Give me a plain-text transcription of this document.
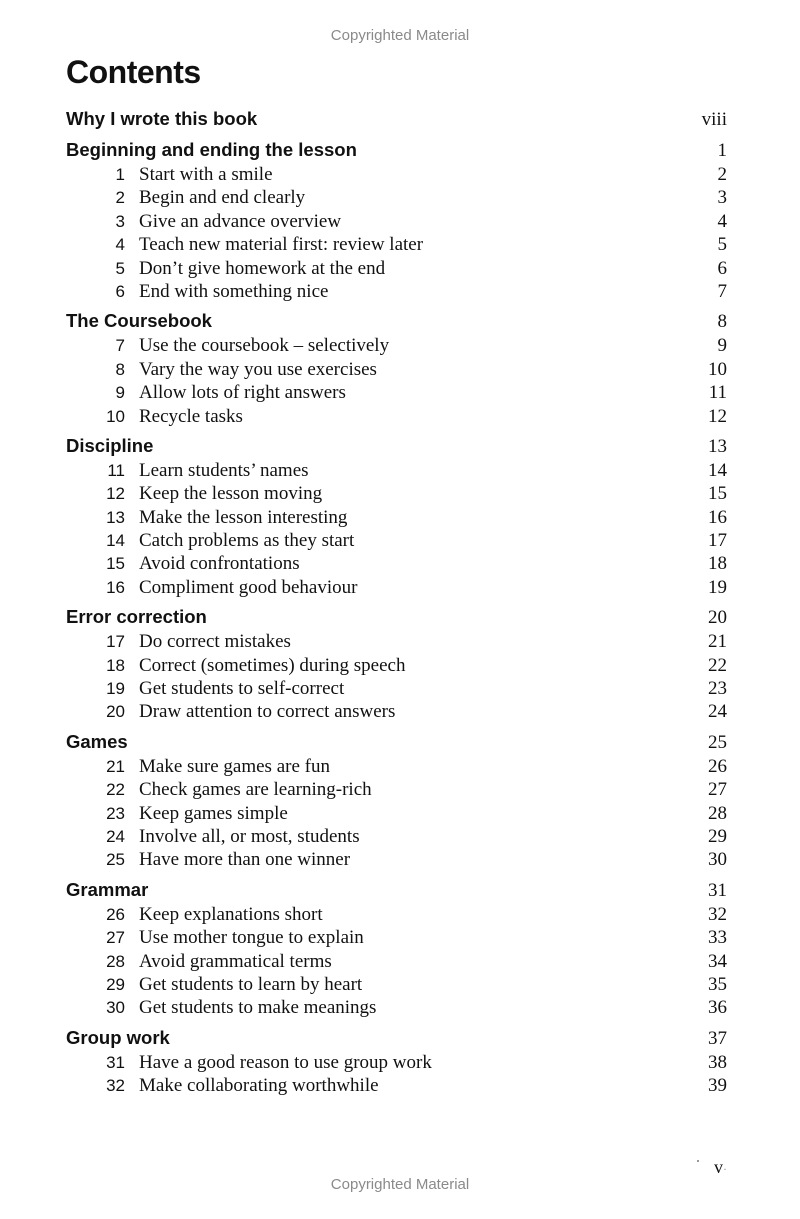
Copyrighted Material
Contents
Why I wrote this book	viii
Beginning and ending the lesson	1
1 Start with a smile	2
2 Begin and end clearly	3
3 Give an advance overview	4
4 Teach new material first: review later	5
5 Don’t give homework at the end	6
6 End with something nice	7
The Coursebook	8
7 Use the coursebook – selectively	9
8 Vary the way you use exercises	10
9 Allow lots of right answers	11
10 Recycle tasks	12
Discipline	13
11 Learn students’ names	14
12 Keep the lesson moving	15
13 Make the lesson interesting	16
14 Catch problems as they start	17
15 Avoid confrontations	18
16 Compliment good behaviour	19
Error correction	20
17 Do correct mistakes	21
18 Correct (sometimes) during speech	22
19 Get students to self-correct	23
20 Draw attention to correct answers	24
Games	25
21 Make sure games are fun	26
22 Check games are learning-rich	27
23 Keep games simple	28
24 Involve all, or most, students	29
25 Have more than one winner	30
Grammar	31
26 Keep explanations short	32
27 Use mother tongue to explain	33
28 Avoid grammatical terms	34
29 Get students to learn by heart	35
30 Get students to make meanings	36
Group work	37
31 Have a good reason to use group work	38
32 Make collaborating worthwhile	39
v·
Copyrighted Material
